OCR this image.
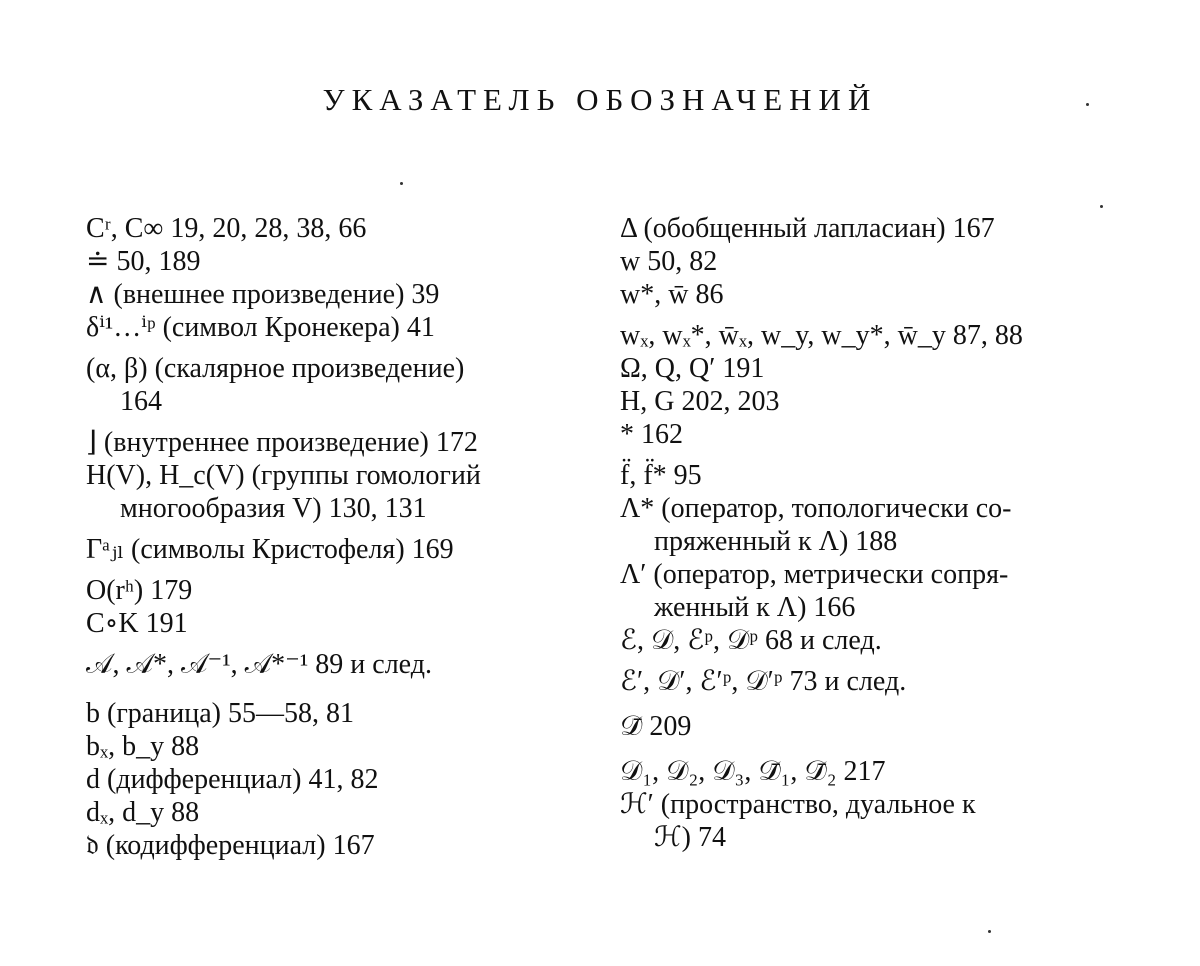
УКАЗАТЕЛЬ ОБОЗНАЧЕНИЙ
Cʳ, C∞ 19, 20, 28, 38, 66
≐ 50, 189
∧ (внешнее произведение) 39
δⁱ¹…ⁱᵖ (символ Кронекера) 41
(α, β) (скалярное произведение)
164
⌋ (внутреннее произведение) 172
H(V), H_c(V) (группы гомологий
многообразия V) 130, 131
Γᵃⱼₗ (символы Кристофеля) 169
O(rʰ) 179
C∘K 191
𝒜, 𝒜*, 𝒜⁻¹, 𝒜*⁻¹ 89 и след.
b (граница) 55—58, 81
bₓ, b_y 88
d (дифференциал) 41, 82
dₓ, d_y 88
𝔡 (кодифференциал) 167
Δ (обобщенный лапласиан) 167
w 50, 82
w*, w̄ 86
wₓ, wₓ*, w̄ₓ, w_y, w_y*, w̄_y 87, 88
Ω, Q, Q′ 191
H, G 202, 203
* 162
f̈, f̈* 95
Λ* (оператор, топологически со-
пряженный к Λ) 188
Λ′ (оператор, метрически сопря-
женный к Λ) 166
ℰ, 𝒟, ℰᵖ, 𝒟ᵖ 68 и след.
ℰ′, 𝒟′, ℰ′ᵖ, 𝒟′ᵖ 73 и след.
𝒟̄ 209
𝒟₁, 𝒟₂, 𝒟₃, 𝒟̄₁, 𝒟̄₂ 217
ℋ′ (пространство, дуальное к
ℋ) 74
